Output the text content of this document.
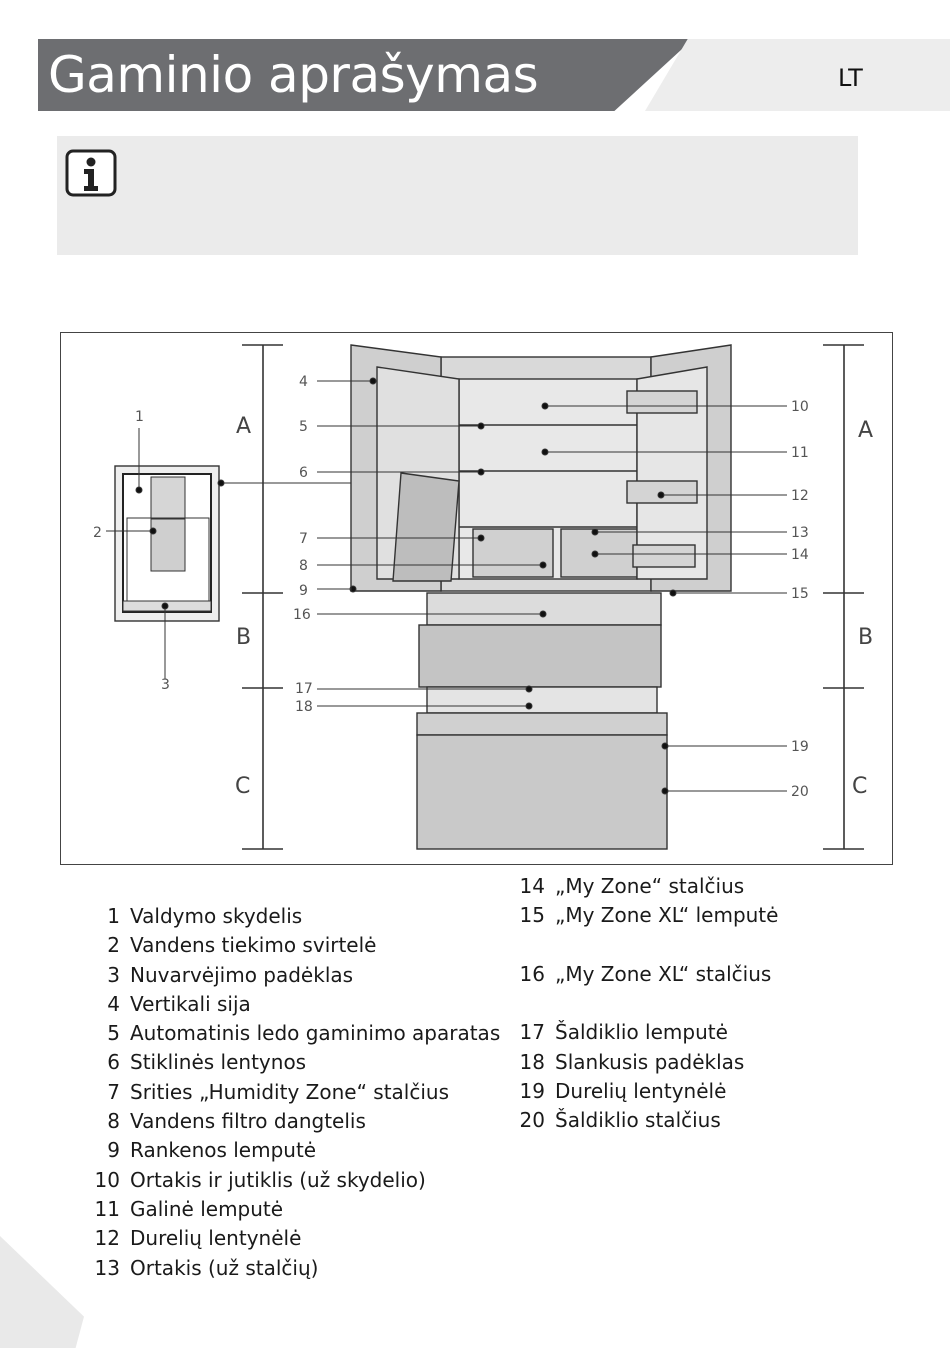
Gaminio aprašymas	LT
A
B
C
A
B
C
1
2
3
4
5
6
7
8
9
10
11
12
13
14
15
16
17
18
19
20
1 Valdymo skydelis
2 Vandens tiekimo svirtelė
3 Nuvarvėjimo padėklas
4 Vertikali sija
5 Automatinis ledo gaminimo aparatas
6 Stiklinės lentynos
7 Srities „Humidity Zone“ stalčius
8 Vandens filtro dangtelis
9 Rankenos lemputė
10 Ortakis ir jutiklis (už skydelio)
11 Galinė lemputė
12 Durelių lentynėlė
13 Ortakis (už stalčių)
14 „My Zone“ stalčius
15 „My Zone XL“ lemputė
16 „My Zone XL“ stalčius
17 Šaldiklio lemputė
18 Slankusis padėklas
19 Durelių lentynėlė
20 Šaldiklio stalčius
